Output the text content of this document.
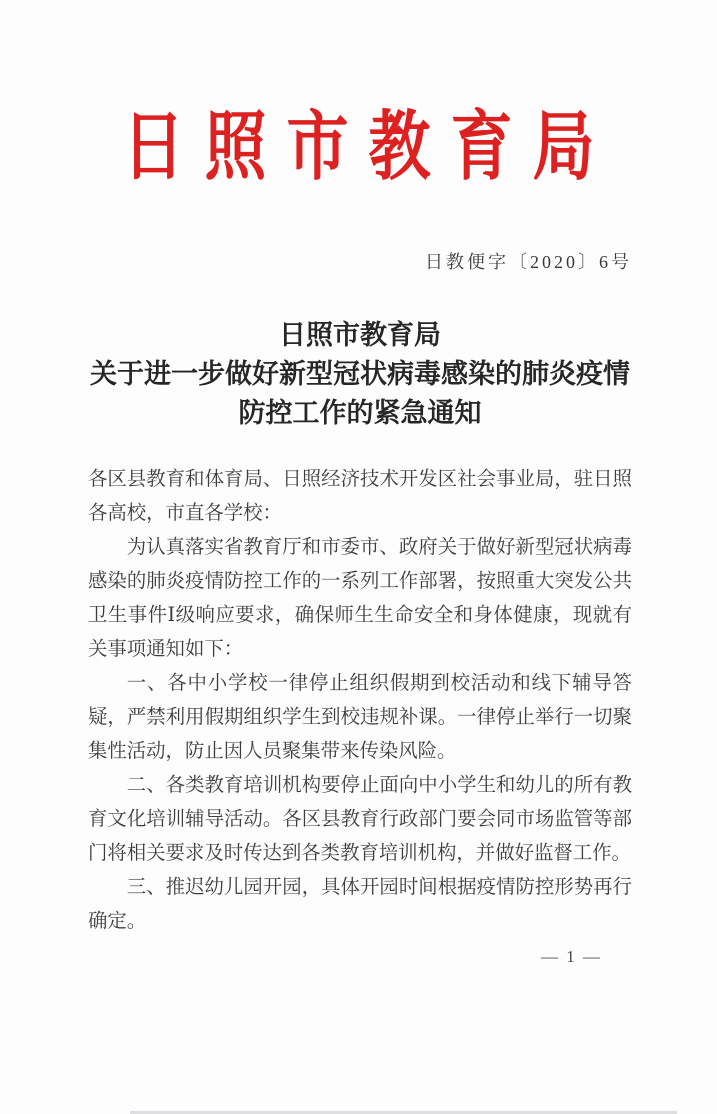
日照市教育局
日教便字〔2020〕6号
日照市教育局
关于进一步做好新型冠状病毒感染的肺炎疫情
防控工作的紧急通知

各区县教育和体育局、日照经济技术开发区社会事业局，驻日照各高校，市直各学校：

为认真落实省教育厅和市委市、政府关于做好新型冠状病毒感染的肺炎疫情防控工作的一系列工作部署，按照重大突发公共卫生事件Ⅰ级响应要求，确保师生生命安全和身体健康，现就有关事项通知如下：

一、各中小学校一律停止组织假期到校活动和线下辅导答疑，严禁利用假期组织学生到校违规补课。一律停止举行一切聚集性活动，防止因人员聚集带来传染风险。

二、各类教育培训机构要停止面向中小学生和幼儿的所有教育文化培训辅导活动。各区县教育行政部门要会同市场监管等部门将相关要求及时传达到各类教育培训机构，并做好监督工作。

三、推迟幼儿园开园，具体开园时间根据疫情防控形势再行确定。

— 1 —
